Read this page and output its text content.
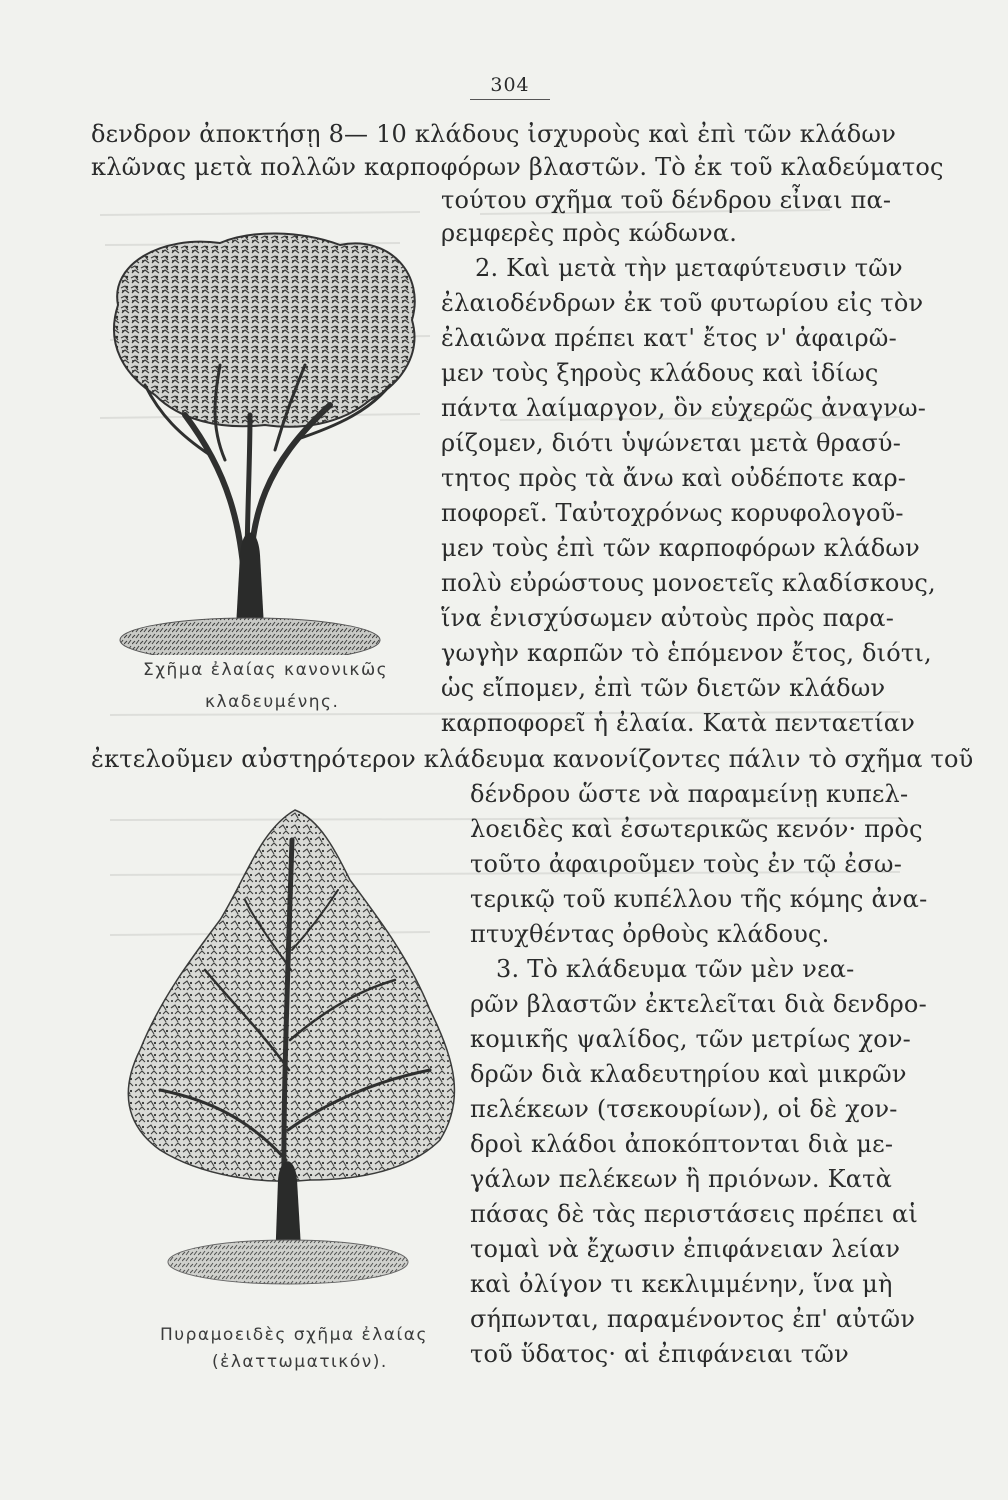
304
δενδρον ἀποκτήσῃ 8— 10 κλάδους ἰσχυροὺς καὶ ἐπὶ τῶν κλάδων
κλῶνας μετὰ πολλῶν καρποφόρων βλαστῶν. Τὸ ἐκ τοῦ κλαδεύματος
τούτου σχῆμα τοῦ δένδρου εἶναι πα-
ρεμφερὲς πρὸς κώδωνα.
2. Καὶ μετὰ τὴν μεταφύτευσιν τῶν
ἐλαιοδένδρων ἐκ τοῦ φυτωρίου εἰς τὸν
ἐλαιῶνα πρέπει κατ' ἔτος ν' ἀφαιρῶ-
μεν τοὺς ξηροὺς κλάδους καὶ ἰδίως
πάντα λαίμαργον, ὃν εὐχερῶς ἀναγνω-
ρίζομεν, διότι ὑψώνεται μετὰ θρασύ-
τητος πρὸς τὰ ἄνω καὶ οὐδέποτε καρ-
ποφορεῖ. Ταὐτοχρόνως κορυφολογοῦ-
μεν τοὺς ἐπὶ τῶν καρποφόρων κλάδων
πολὺ εὐρώστους μονοετεῖς κλαδίσκους,
ἵνα ἐνισχύσωμεν αὐτοὺς πρὸς παρα-
γωγὴν καρπῶν τὸ ἑπόμενον ἔτος, διότι,
ὡς εἴπομεν, ἐπὶ τῶν διετῶν κλάδων
καρποφορεῖ ἡ ἐλαία. Κατὰ πενταετίαν
Σχῆμα ἐλαίας κανονικῶς
κλαδευμένης.
ἐκτελοῦμεν αὐστηρότερον κλάδευμα κανονίζοντες πάλιν τὸ σχῆμα τοῦ
δένδρου ὥστε νὰ παραμείνῃ κυπελ-
λοειδὲς καὶ ἐσωτερικῶς κενόν· πρὸς
τοῦτο ἀφαιροῦμεν τοὺς ἐν τῷ ἐσω-
τερικῷ τοῦ κυπέλλου τῆς κόμης ἀνα-
πτυχθέντας ὀρθοὺς κλάδους.
3. Τὸ κλάδευμα τῶν μὲν νεα-
ρῶν βλαστῶν ἐκτελεῖται διὰ δενδρο-
κομικῆς ψαλίδος, τῶν μετρίως χον-
δρῶν διὰ κλαδευτηρίου καὶ μικρῶν
πελέκεων (τσεκουρίων), οἱ δὲ χον-
δροὶ κλάδοι ἀποκόπτονται διὰ με-
γάλων πελέκεων ἢ πριόνων. Κατὰ
πάσας δὲ τὰς περιστάσεις πρέπει αἱ
τομαὶ νὰ ἔχωσιν ἐπιφάνειαν λείαν
καὶ ὀλίγον τι κεκλιμμένην, ἵνα μὴ
σήπωνται, παραμένοντος ἐπ' αὐτῶν
τοῦ ὕδατος· αἱ ἐπιφάνειαι τῶν
Πυραμοειδὲς σχῆμα ἐλαίας
(ἐλαττωματικόν).
